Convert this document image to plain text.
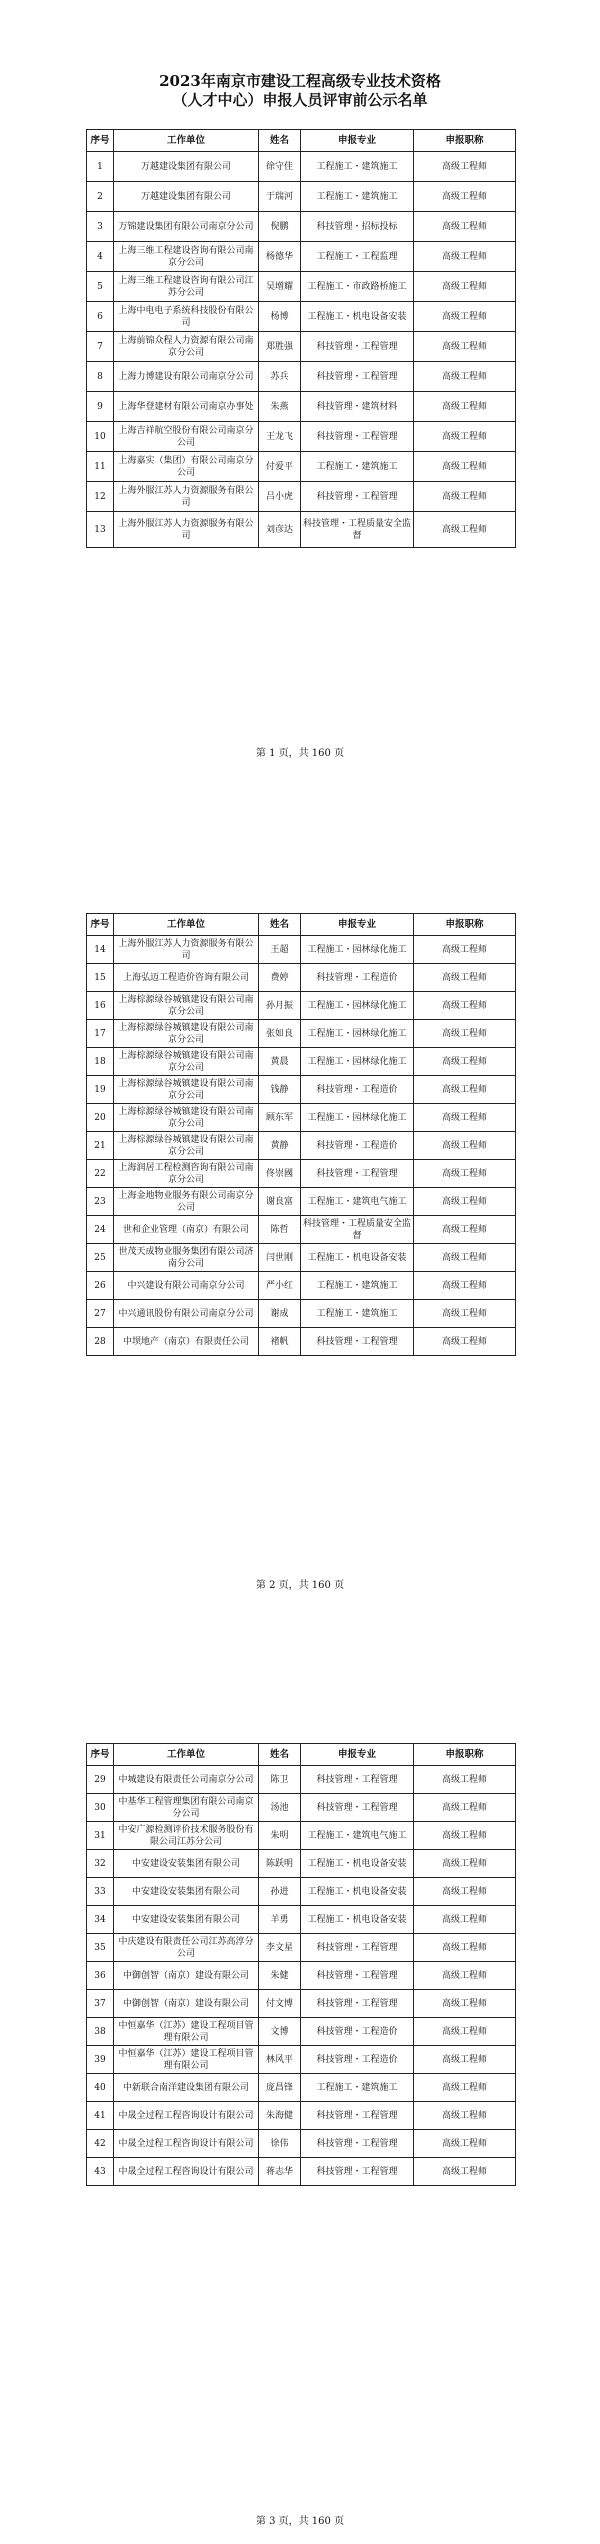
2023年南京市建设工程高级专业技术资格
（人才中心）申报人员评审前公示名单
序号	工作单位	姓名	申报专业	申报职称
1	万越建设集团有限公司	徐守佳	工程施工・建筑施工	高级工程师
2	万越建设集团有限公司	于瑞河	工程施工・建筑施工	高级工程师
3	万锦建设集团有限公司南京分公司	倪鹏	科技管理・招标投标	高级工程师
4	上海三维工程建设咨询有限公司南京分公司	杨德华	工程施工・工程监理	高级工程师
5	上海三维工程建设咨询有限公司江苏分公司	吴增耀	工程施工・市政路桥施工	高级工程师
6	上海中电电子系统科技股份有限公司	杨博	工程施工・机电设备安装	高级工程师
7	上海前锦众程人力资源有限公司南京分公司	郑胜强	科技管理・工程管理	高级工程师
8	上海力博建设有限公司南京分公司	苏兵	科技管理・工程管理	高级工程师
9	上海华登建材有限公司南京办事处	朱燕	科技管理・建筑材料	高级工程师
10	上海吉祥航空股份有限公司南京分公司	王龙飞	科技管理・工程管理	高级工程师
11	上海嘉实（集团）有限公司南京分公司	付爱平	工程施工・建筑施工	高级工程师
12	上海外服江苏人力资源服务有限公司	吕小虎	科技管理・工程管理	高级工程师
13	上海外服江苏人力资源服务有限公司	刘彦达	科技管理・工程质量安全监督	高级工程师
第 1 页，共 160 页
序号	工作单位	姓名	申报专业	申报职称
14	上海外服江苏人力资源服务有限公司	王超	工程施工・园林绿化施工	高级工程师
15	上海弘迈工程造价咨询有限公司	费婷	科技管理・工程造价	高级工程师
16	上海棕源绿谷城镇建设有限公司南京分公司	孙月振	工程施工・园林绿化施工	高级工程师
17	上海棕源绿谷城镇建设有限公司南京分公司	张如良	工程施工・园林绿化施工	高级工程师
18	上海棕源绿谷城镇建设有限公司南京分公司	黄晨	工程施工・园林绿化施工	高级工程师
19	上海棕源绿谷城镇建设有限公司南京分公司	钱静	科技管理・工程造价	高级工程师
20	上海棕源绿谷城镇建设有限公司南京分公司	顾东军	工程施工・园林绿化施工	高级工程师
21	上海棕源绿谷城镇建设有限公司南京分公司	黄静	科技管理・工程造价	高级工程师
22	上海润居工程检测咨询有限公司南京分公司	佟崇國	科技管理・工程管理	高级工程师
23	上海金地物业服务有限公司南京分公司	谢良富	工程施工・建筑电气施工	高级工程师
24	世和企业管理（南京）有限公司	陈哲	科技管理・工程质量安全监督	高级工程师
25	世茂天成物业服务集团有限公司济南分公司	闫世刚	工程施工・机电设备安装	高级工程师
26	中兴建设有限公司南京分公司	严小红	工程施工・建筑施工	高级工程师
27	中兴通讯股份有限公司南京分公司	谢成	工程施工・建筑施工	高级工程师
28	中坝地产（南京）有限责任公司	褚帆	科技管理・工程管理	高级工程师
第 2 页，共 160 页
序号	工作单位	姓名	申报专业	申报职称
29	中城建设有限责任公司南京分公司	陈卫	科技管理・工程管理	高级工程师
30	中基华工程管理集团有限公司南京分公司	汤池	科技管理・工程管理	高级工程师
31	中安广源检测评价技术服务股份有限公司江苏分公司	朱明	工程施工・建筑电气施工	高级工程师
32	中安建设安装集团有限公司	陈跃明	工程施工・机电设备安装	高级工程师
33	中安建设安装集团有限公司	孙进	工程施工・机电设备安装	高级工程师
34	中安建设安装集团有限公司	羊勇	工程施工・机电设备安装	高级工程师
35	中庆建设有限责任公司江苏高淳分公司	李文星	科技管理・工程管理	高级工程师
36	中御创智（南京）建设有限公司	朱健	科技管理・工程管理	高级工程师
37	中御创智（南京）建设有限公司	付文博	科技管理・工程管理	高级工程师
38	中恒嘉华（江苏）建设工程项目管理有限公司	文博	科技管理・工程造价	高级工程师
39	中恒嘉华（江苏）建设工程项目管理有限公司	林风平	科技管理・工程造价	高级工程师
40	中新联合南洋建设集团有限公司	庞昌锋	工程施工・建筑施工	高级工程师
41	中晟全过程工程咨询设计有限公司	朱海健	科技管理・工程管理	高级工程师
42	中晟全过程工程咨询设计有限公司	徐伟	科技管理・工程管理	高级工程师
43	中晟全过程工程咨询设计有限公司	蒋志华	科技管理・工程管理	高级工程师
第 3 页，共 160 页
